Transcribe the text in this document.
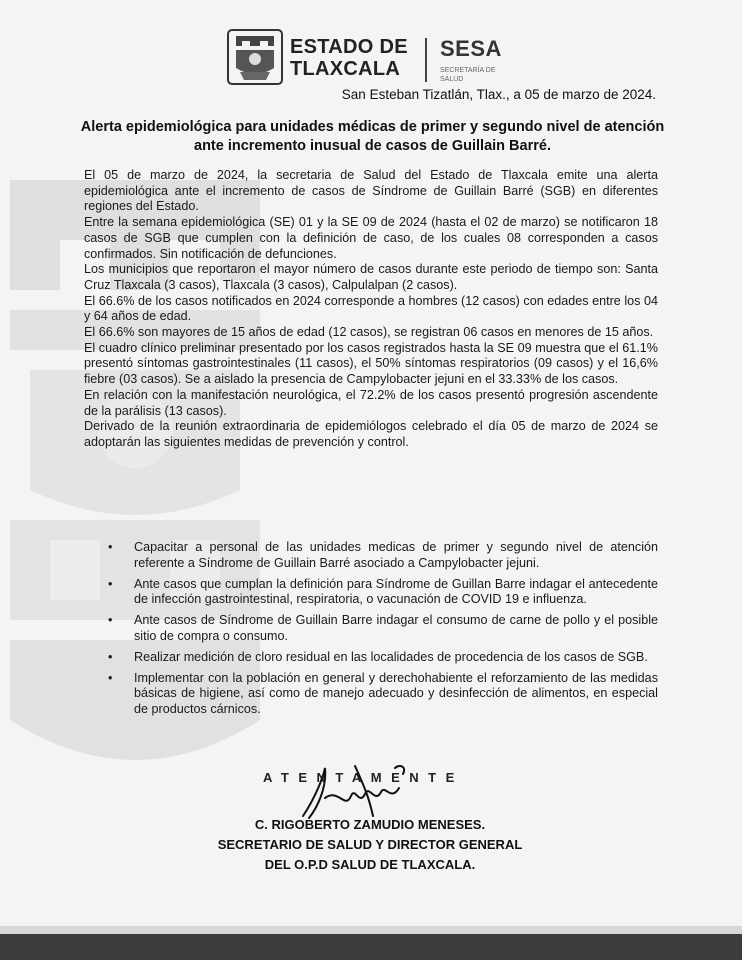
ESTADO DE
TLAXCALA
SESA
SECRETARÍA DE SALUD
San Esteban Tizatlán, Tlax., a 05 de marzo de 2024.
Alerta epidemiológica para unidades médicas de primer y segundo nivel de atención ante incremento inusual de casos de Guillain Barré.

El 05 de marzo de 2024, la secretaria de Salud del Estado de Tlaxcala emite una alerta epidemiológica ante el incremento de casos de Síndrome de Guillain Barré (SGB) en diferentes regiones del Estado.

Entre la semana epidemiológica (SE) 01 y la SE 09 de 2024 (hasta el 02 de marzo) se notificaron 18 casos de SGB que cumplen con la definición de caso, de los cuales 08 corresponden a casos confirmados. Sin notificación de defunciones.

Los municipios que reportaron el mayor número de casos durante este periodo de tiempo son: Santa Cruz Tlaxcala (3 casos), Tlaxcala (3 casos), Calpulalpan (2 casos).

El 66.6% de los casos notificados en 2024 corresponde a hombres (12 casos) con edades entre los 04 y 64 años de edad.

El 66.6% son mayores de 15 años de edad (12 casos), se registran 06 casos en menores de 15 años.

El cuadro clínico preliminar presentado por los casos registrados hasta la SE 09 muestra que el 61.1% presentó síntomas gastrointestinales (11 casos), el 50% síntomas respiratorios (09 casos) y el 16,6% fiebre (03 casos). Se a aislado la presencia de Campylobacter jejuni en el 33.33% de los casos.

En relación con la manifestación neurológica, el 72.2% de los casos presentó progresión ascendente de la parálisis (13 casos).

Derivado de la reunión extraordinaria de epidemiólogos celebrado el día 05 de marzo de 2024 se adoptarán las siguientes medidas de prevención y control.

• Capacitar a personal de las unidades medicas de primer y segundo nivel de atención referente a Síndrome de Guillain Barré asociado a Campylobacter jejuni.
• Ante casos que cumplan la definición para Síndrome de Guillan Barre indagar el antecedente de infección gastrointestinal, respiratoria, o vacunación de COVID 19 e influenza.
• Ante casos de Síndrome de Guillain Barre indagar el consumo de carne de pollo y el posible sitio de compra o consumo.
• Realizar medición de cloro residual en las localidades de procedencia de los casos de SGB.
• Implementar con la población en general y derechohabiente el reforzamiento de las medidas básicas de higiene, así como de manejo adecuado y desinfección de alimentos, en especial de productos cárnicos.
ATENTAMENTE
C. RIGOBERTO ZAMUDIO MENESES.
SECRETARIO DE SALUD Y DIRECTOR GENERAL
DEL O.P.D SALUD DE TLAXCALA.
